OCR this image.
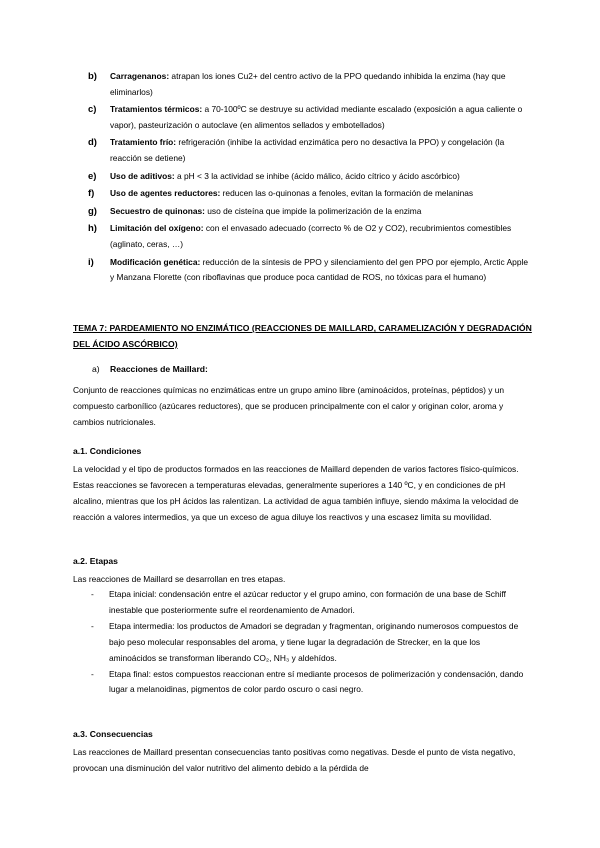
b) Carragenanos: atrapan los iones Cu2+ del centro activo de la PPO quedando inhibida la enzima (hay que eliminarlos)
c) Tratamientos térmicos: a 70-100ºC se destruye su actividad mediante escalado (exposición a agua caliente o vapor), pasteurización o autoclave (en alimentos sellados y embotellados)
d) Tratamiento frío: refrigeración (inhibe la actividad enzimática pero no desactiva la PPO) y congelación (la reacción se detiene)
e) Uso de aditivos: a pH < 3 la actividad se inhibe (ácido málico, ácido cítrico y ácido ascórbico)
f) Uso de agentes reductores: reducen las o-quinonas a fenoles, evitan la formación de melaninas
g) Secuestro de quinonas: uso de cisteína que impide la polimerización de la enzima
h) Limitación del oxígeno: con el envasado adecuado (correcto % de O2 y CO2), recubrimientos comestibles (aglinato, ceras, …)
i) Modificación genética: reducción de la síntesis de PPO y silenciamiento del gen PPO por ejemplo, Arctic Apple y Manzana Florette (con riboflavinas que produce poca cantidad de ROS, no tóxicas para el humano)
TEMA 7: PARDEAMIENTO NO ENZIMÁTICO (REACCIONES DE MAILLARD, CARAMELIZACIÓN Y DEGRADACIÓN DEL ÁCIDO ASCÓRBICO)
a) Reacciones de Maillard:
Conjunto de reacciones químicas no enzimáticas entre un grupo amino libre (aminoácidos, proteínas, péptidos) y un compuesto carbonílico (azúcares reductores), que se producen principalmente con el calor y originan color, aroma y cambios nutricionales.
a.1. Condiciones
La velocidad y el tipo de productos formados en las reacciones de Maillard dependen de varios factores físico-químicos. Estas reacciones se favorecen a temperaturas elevadas, generalmente superiores a 140 ºC, y en condiciones de pH alcalino, mientras que los pH ácidos las ralentizan. La actividad de agua también influye, siendo máxima la velocidad de reacción a valores intermedios, ya que un exceso de agua diluye los reactivos y una escasez limita su movilidad.
a.2. Etapas
Las reacciones de Maillard se desarrollan en tres etapas.
- Etapa inicial: condensación entre el azúcar reductor y el grupo amino, con formación de una base de Schiff inestable que posteriormente sufre el reordenamiento de Amadori.
- Etapa intermedia: los productos de Amadori se degradan y fragmentan, originando numerosos compuestos de bajo peso molecular responsables del aroma, y tiene lugar la degradación de Strecker, en la que los aminoácidos se transforman liberando CO₂, NH₃ y aldehídos.
- Etapa final: estos compuestos reaccionan entre sí mediante procesos de polimerización y condensación, dando lugar a melanoidinas, pigmentos de color pardo oscuro o casi negro.
a.3. Consecuencias
Las reacciones de Maillard presentan consecuencias tanto positivas como negativas. Desde el punto de vista negativo, provocan una disminución del valor nutritivo del alimento debido a la pérdida de
